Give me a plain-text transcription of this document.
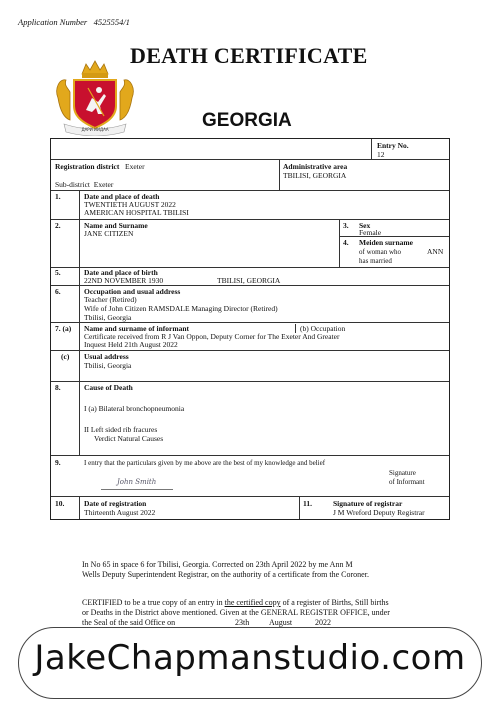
Application Number 4525554/1
DEATH CERTIFICATE
ДАРИ ИИДАА	GEORGIA
Entry No.
12
Registration district Exeter
Sub-district Exeter
Administrative area
TBILISI, GEORGIA
1.	Date and place of death
TWENTIETH AUGUST 2022
AMERICAN HOSPITAL TBILISI
2.	Name and Surname
JANE CITIZEN
3. Sex
Female
4. Meiden surname
of woman who
has married
ANN
5.	Date and place of birth
22ND NOVEMBER 1930	TBILISI, GEORGIA
6.	Occupation and usual address
Teacher (Retired)
Wife of John Citizen RAMSDALE Managing Director (Retired)
Tbilisi, Georgia
7. (a) Name and surname of informant	(b) Occupation
Certificate received from R J Van Oppon, Deputy Corner for The Exeter And Greater
Inquest Held 21th August 2022
(c) Usual address
Tbilisi, Georgia
8.	Cause of Death
I (a) Bilateral bronchopneumonia
II Left sided rib fracures
Verdict Natural Causes
9.	I entry that the particulars given by me above are the best of my knowledge and belief
Signature
of Informant
John Smith
10.	Date of registration
Thirteenth August 2022
11.	Signature of registrar
J M Wreford Deputy Registrar
In No 65 in space 6 for Tbilisi, Georgia. Corrected on 23th April 2022 by me Ann M
Wells Deputy Superintendent Registrar, on the authority of a certificate from the Coroner.
CERTIFIED to be a true copy of an entry in the certified copy of a register of Births, Still births
or Deaths in the District above mentioned. Given at the GENERAL REGISTER OFFICE, under
the Seal of the said Office on	23th August	2022
JakeChapmanstudio.com
